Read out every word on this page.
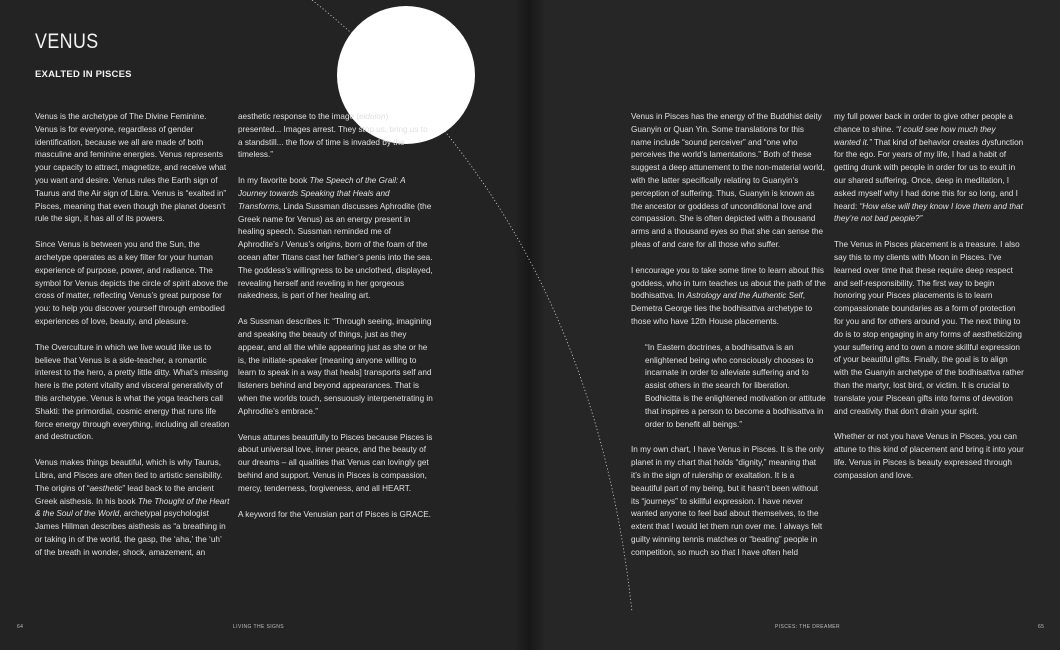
VENUS
EXALTED IN PISCES

Venus is the archetype of The Divine Feminine. Venus is for everyone, regardless of gender identification, because we all are made of both masculine and feminine energies. Venus represents your capacity to attract, magnetize, and receive what you want and desire. Venus rules the Earth sign of Taurus and the Air sign of Libra. Venus is “exalted in” Pisces, meaning that even though the planet doesn’t rule the sign, it has all of its powers.

Since Venus is between you and the Sun, the archetype operates as a key filter for your human experience of purpose, power, and radiance. The symbol for Venus depicts the circle of spirit above the cross of matter, reflecting Venus’s great purpose for you: to help you discover yourself through embodied experiences of love, beauty, and pleasure.

The Overculture in which we live would like us to believe that Venus is a side-teacher, a romantic interest to the hero, a pretty little ditty. What’s missing here is the potent vitality and visceral generativity of this archetype. Venus is what the yoga teachers call Shakti: the primordial, cosmic energy that runs life force energy through everything, including all creation and destruction.

Venus makes things beautiful, which is why Taurus, Libra, and Pisces are often tied to artistic sensibility. The origins of “aesthetic” lead back to the ancient Greek aisthesis. In his book The Thought of the Heart & the Soul of the World, archetypal psychologist James Hillman describes aisthesis as “a breathing in or taking in of the world, the gasp, the ‘aha,’ the ‘uh’ of the breath in wonder, shock, amazement, an

aesthetic response to the image (eidolon) presented... Images arrest. They stop us, bring us to a standstill... the flow of time is invaded by the timeless.”

In my favorite book The Speech of the Grail: A Journey towards Speaking that Heals and Transforms, Linda Sussman discusses Aphrodite (the Greek name for Venus) as an energy present in healing speech. Sussman reminded me of Aphrodite’s / Venus’s origins, born of the foam of the ocean after Titans cast her father’s penis into the sea. The goddess’s willingness to be unclothed, displayed, revealing herself and reveling in her gorgeous nakedness, is part of her healing art.

As Sussman describes it: “Through seeing, imagining and speaking the beauty of things, just as they appear, and all the while appearing just as she or he is, the initiate-speaker [meaning anyone willing to learn to speak in a way that heals] transports self and listeners behind and beyond appearances. That is when the worlds touch, sensuously interpenetrating in Aphrodite’s embrace.”

Venus attunes beautifully to Pisces because Pisces is about universal love, inner peace, and the beauty of our dreams – all qualities that Venus can lovingly get behind and support. Venus in Pisces is compassion, mercy, tenderness, forgiveness, and all HEART.

A keyword for the Venusian part of Pisces is GRACE.

Venus in Pisces has the energy of the Buddhist deity Guanyin or Quan Yin. Some translations for this name include “sound perceiver” and “one who perceives the world’s lamentations.” Both of these suggest a deep attunement to the non-material world, with the latter specifically relating to Guanyin’s perception of suffering. Thus, Guanyin is known as the ancestor or goddess of unconditional love and compassion. She is often depicted with a thousand arms and a thousand eyes so that she can sense the pleas of and care for all those who suffer.

I encourage you to take some time to learn about this goddess, who in turn teaches us about the path of the bodhisattva. In Astrology and the Authentic Self, Demetra George ties the bodhisattva archetype to those who have 12th House placements.

“In Eastern doctrines, a bodhisattva is an enlightened being who consciously chooses to incarnate in order to alleviate suffering and to assist others in the search for liberation. Bodhicitta is the enlightened motivation or attitude that inspires a person to become a bodhisattva in order to benefit all beings.”

In my own chart, I have Venus in Pisces. It is the only planet in my chart that holds “dignity,” meaning that it’s in the sign of rulership or exaltation. It is a beautiful part of my being, but it hasn’t been without its “journeys” to skillful expression. I have never wanted anyone to feel bad about themselves, to the extent that I would let them run over me. I always felt guilty winning tennis matches or “beating” people in competition, so much so that I have often held

my full power back in order to give other people a chance to shine. “I could see how much they wanted it.” That kind of behavior creates dysfunction for the ego. For years of my life, I had a habit of getting drunk with people in order for us to exult in our shared suffering. Once, deep in meditation, I asked myself why I had done this for so long, and I heard: “How else will they know I love them and that they’re not bad people?”

The Venus in Pisces placement is a treasure. I also say this to my clients with Moon in Pisces. I’ve learned over time that these require deep respect and self-responsibility. The first way to begin honoring your Pisces placements is to learn compassionate boundaries as a form of protection for you and for others around you. The next thing to do is to stop engaging in any forms of aestheticizing your suffering and to own a more skillful expression of your beautiful gifts. Finally, the goal is to align with the Guanyin archetype of the bodhisattva rather than the martyr, lost bird, or victim. It is crucial to translate your Piscean gifts into forms of devotion and creativity that don’t drain your spirit.

Whether or not you have Venus in Pisces, you can attune to this kind of placement and bring it into your life. Venus in Pisces is beauty expressed through compassion and love.

64	LIVING THE SIGNS	PISCES: THE DREAMER	65
